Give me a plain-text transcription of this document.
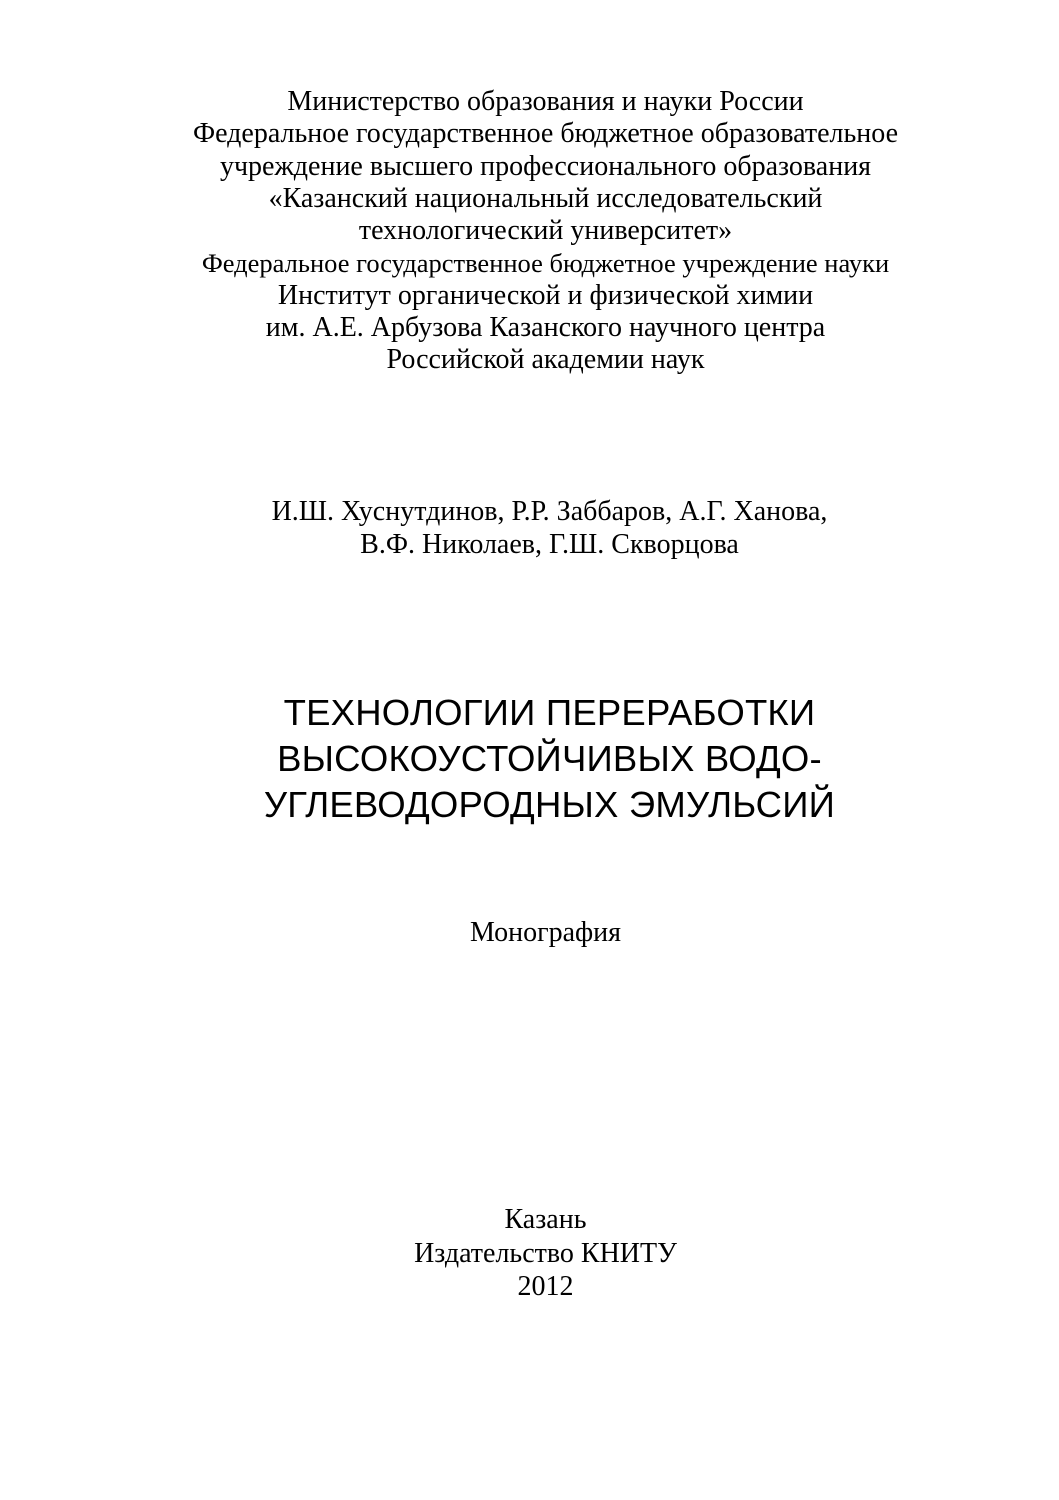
Министерство образования и науки России
Федеральное государственное бюджетное образовательное
учреждение высшего профессионального образования
«Казанский национальный исследовательский
технологический университет»
Федеральное государственное бюджетное учреждение науки
Институт органической и физической химии
им. А.Е. Арбузова Казанского научного центра
Российской академии наук
И.Ш. Хуснутдинов, Р.Р. Заббаров, А.Г. Ханова,
В.Ф. Николаев, Г.Ш. Скворцова
ТЕХНОЛОГИИ ПЕРЕРАБОТКИ
ВЫСОКОУСТОЙЧИВЫХ ВОДО-
УГЛЕВОДОРОДНЫХ ЭМУЛЬСИЙ
Монография
Казань
Издательство КНИТУ
2012
